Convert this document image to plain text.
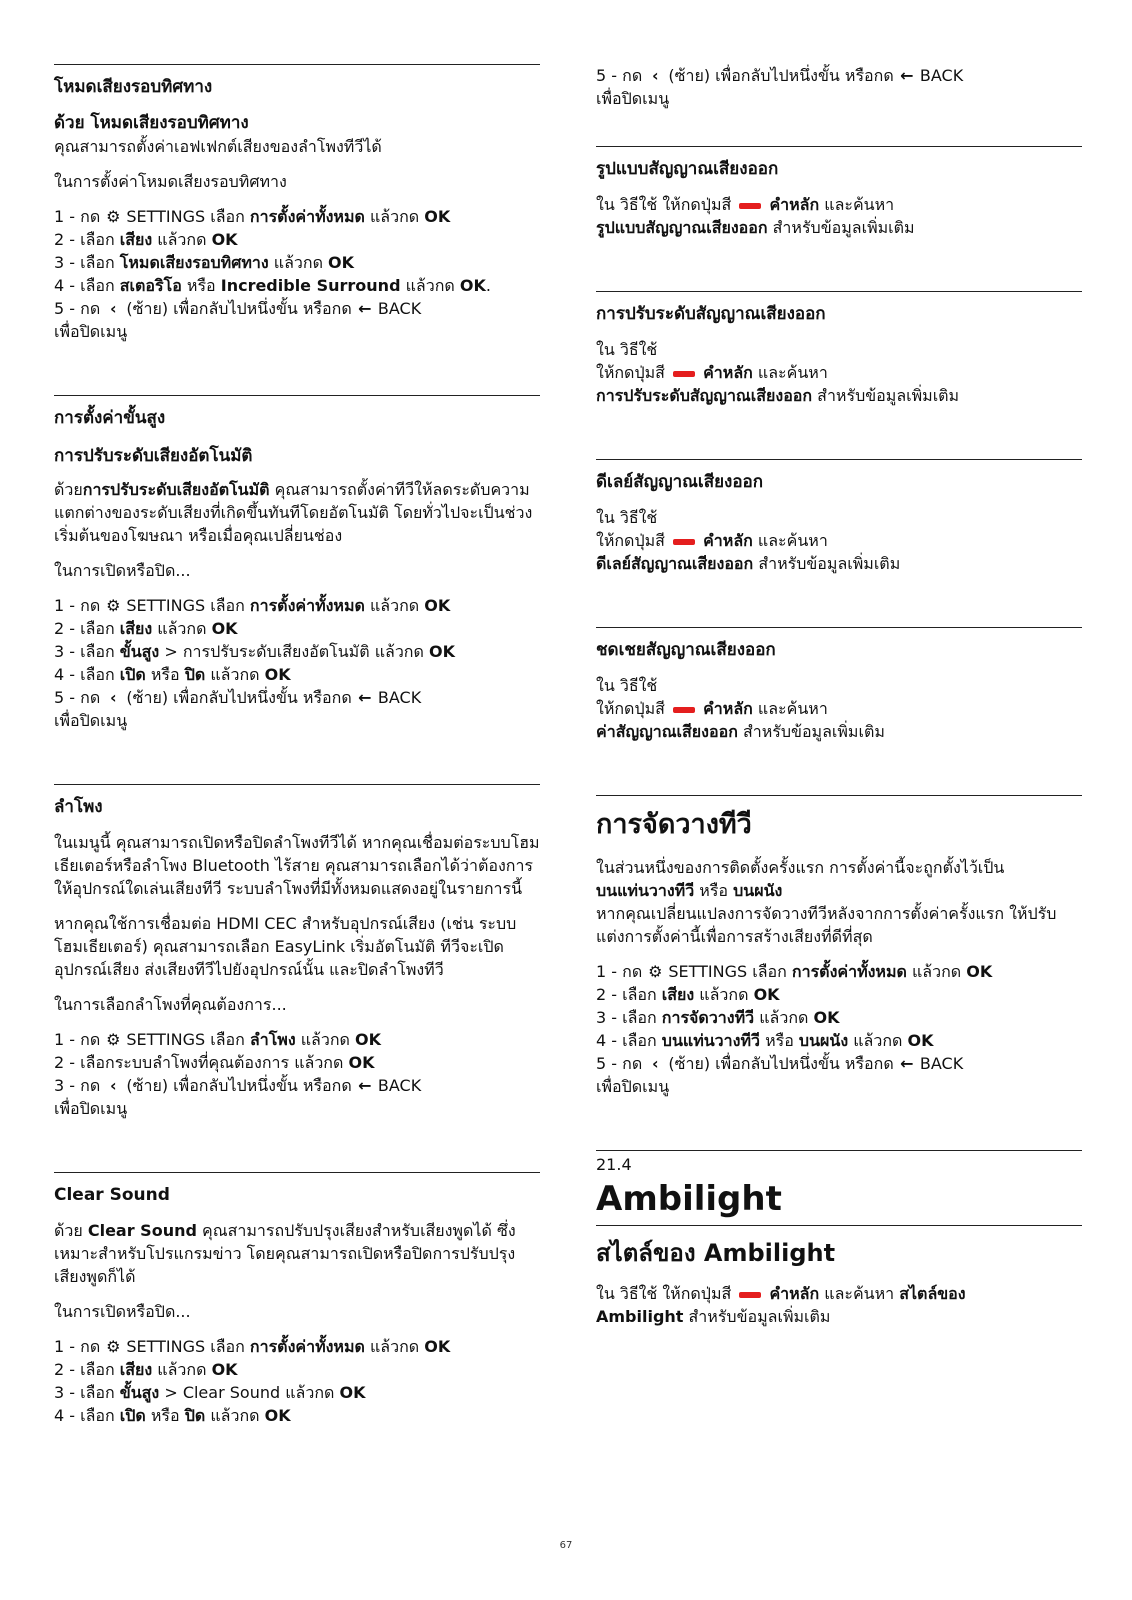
โหมดเสียงรอบทิศทาง
ด้วย โหมดเสียงรอบทิศทาง

คุณสามารถตั้งค่าเอฟเฟกต์เสียงของลำโพงทีวีได้

ในการตั้งค่าโหมดเสียงรอบทิศทาง

1 - กด ⚙ SETTINGS เลือก การตั้งค่าทั้งหมด แล้วกด OK
2 - เลือก เสียง แล้วกด OK
3 - เลือก โหมดเสียงรอบทิศทาง แล้วกด OK
4 - เลือก สเตอริโอ หรือ Incredible Surround แล้วกด OK.
5 - กด ‹ (ซ้าย) เพื่อกลับไปหนึ่งขั้น หรือกด ← BACK
เพื่อปิดเมนู
การตั้งค่าขั้นสูง
การปรับระดับเสียงอัตโนมัติ

ด้วยการปรับระดับเสียงอัตโนมัติ คุณสามารถตั้งค่าทีวีให้ลดระดับความแตกต่างของระดับเสียงที่เกิดขึ้นทันทีโดยอัตโนมัติ โดยทั่วไปจะเป็นช่วงเริ่มต้นของโฆษณา หรือเมื่อคุณเปลี่ยนช่อง

ในการเปิดหรือปิด...

1 - กด ⚙ SETTINGS เลือก การตั้งค่าทั้งหมด แล้วกด OK
2 - เลือก เสียง แล้วกด OK
3 - เลือก ขั้นสูง > การปรับระดับเสียงอัตโนมัติ แล้วกด OK
4 - เลือก เปิด หรือ ปิด แล้วกด OK
5 - กด ‹ (ซ้าย) เพื่อกลับไปหนึ่งขั้น หรือกด ← BACK
เพื่อปิดเมนู
ลำโพง

ในเมนูนี้ คุณสามารถเปิดหรือปิดลำโพงทีวีได้ หากคุณเชื่อมต่อระบบโฮมเธียเตอร์หรือลำโพง Bluetooth ไร้สาย คุณสามารถเลือกได้ว่าต้องการให้อุปกรณ์ใดเล่นเสียงทีวี ระบบลำโพงที่มีทั้งหมดแสดงอยู่ในรายการนี้

หากคุณใช้การเชื่อมต่อ HDMI CEC สำหรับอุปกรณ์เสียง (เช่น ระบบโฮมเธียเตอร์) คุณสามารถเลือก EasyLink เริ่มอัตโนมัติ ทีวีจะเปิดอุปกรณ์เสียง ส่งเสียงทีวีไปยังอุปกรณ์นั้น และปิดลำโพงทีวี

ในการเลือกลำโพงที่คุณต้องการ...

1 - กด ⚙ SETTINGS เลือก ลำโพง แล้วกด OK
2 - เลือกระบบลำโพงที่คุณต้องการ แล้วกด OK
3 - กด ‹ (ซ้าย) เพื่อกลับไปหนึ่งขั้น หรือกด ← BACK
เพื่อปิดเมนู
Clear Sound

ด้วย Clear Sound คุณสามารถปรับปรุงเสียงสำหรับเสียงพูดได้ ซึ่งเหมาะสำหรับโปรแกรมข่าว โดยคุณสามารถเปิดหรือปิดการปรับปรุงเสียงพูดก็ได้

ในการเปิดหรือปิด...

1 - กด ⚙ SETTINGS เลือก การตั้งค่าทั้งหมด แล้วกด OK
2 - เลือก เสียง แล้วกด OK
3 - เลือก ขั้นสูง > Clear Sound แล้วกด OK
4 - เลือก เปิด หรือ ปิด แล้วกด OK
5 - กด ‹ (ซ้าย) เพื่อกลับไปหนึ่งขั้น หรือกด ← BACK
เพื่อปิดเมนู
รูปแบบสัญญาณเสียงออก
ใน วิธีใช้ ให้กดปุ่มสี  คำหลัก และค้นหา
รูปแบบสัญญาณเสียงออก สำหรับข้อมูลเพิ่มเติม
การปรับระดับสัญญาณเสียงออก
ใน วิธีใช้
ให้กดปุ่มสี  คำหลัก และค้นหา
การปรับระดับสัญญาณเสียงออก สำหรับข้อมูลเพิ่มเติม
ดีเลย์สัญญาณเสียงออก
ใน วิธีใช้
ให้กดปุ่มสี  คำหลัก และค้นหา
ดีเลย์สัญญาณเสียงออก สำหรับข้อมูลเพิ่มเติม
ชดเชยสัญญาณเสียงออก
ใน วิธีใช้
ให้กดปุ่มสี  คำหลัก และค้นหา
ค่าสัญญาณเสียงออก สำหรับข้อมูลเพิ่มเติม
การจัดวางทีวี
ในส่วนหนึ่งของการติดตั้งครั้งแรก การตั้งค่านี้จะถูกตั้งไว้เป็น
บนแท่นวางทีวี หรือ บนผนัง

หากคุณเปลี่ยนแปลงการจัดวางทีวีหลังจากการตั้งค่าครั้งแรก ให้ปรับแต่งการตั้งค่านี้เพื่อการสร้างเสียงที่ดีที่สุด

1 - กด ⚙ SETTINGS เลือก การตั้งค่าทั้งหมด แล้วกด OK
2 - เลือก เสียง แล้วกด OK
3 - เลือก การจัดวางทีวี แล้วกด OK
4 - เลือก บนแท่นวางทีวี หรือ บนผนัง แล้วกด OK
5 - กด ‹ (ซ้าย) เพื่อกลับไปหนึ่งขั้น หรือกด ← BACK
เพื่อปิดเมนู
21.4
Ambilight
สไตล์ของ Ambilight
ใน วิธีใช้ ให้กดปุ่มสี  คำหลัก และค้นหา สไตล์ของ
Ambilight สำหรับข้อมูลเพิ่มเติม
67
